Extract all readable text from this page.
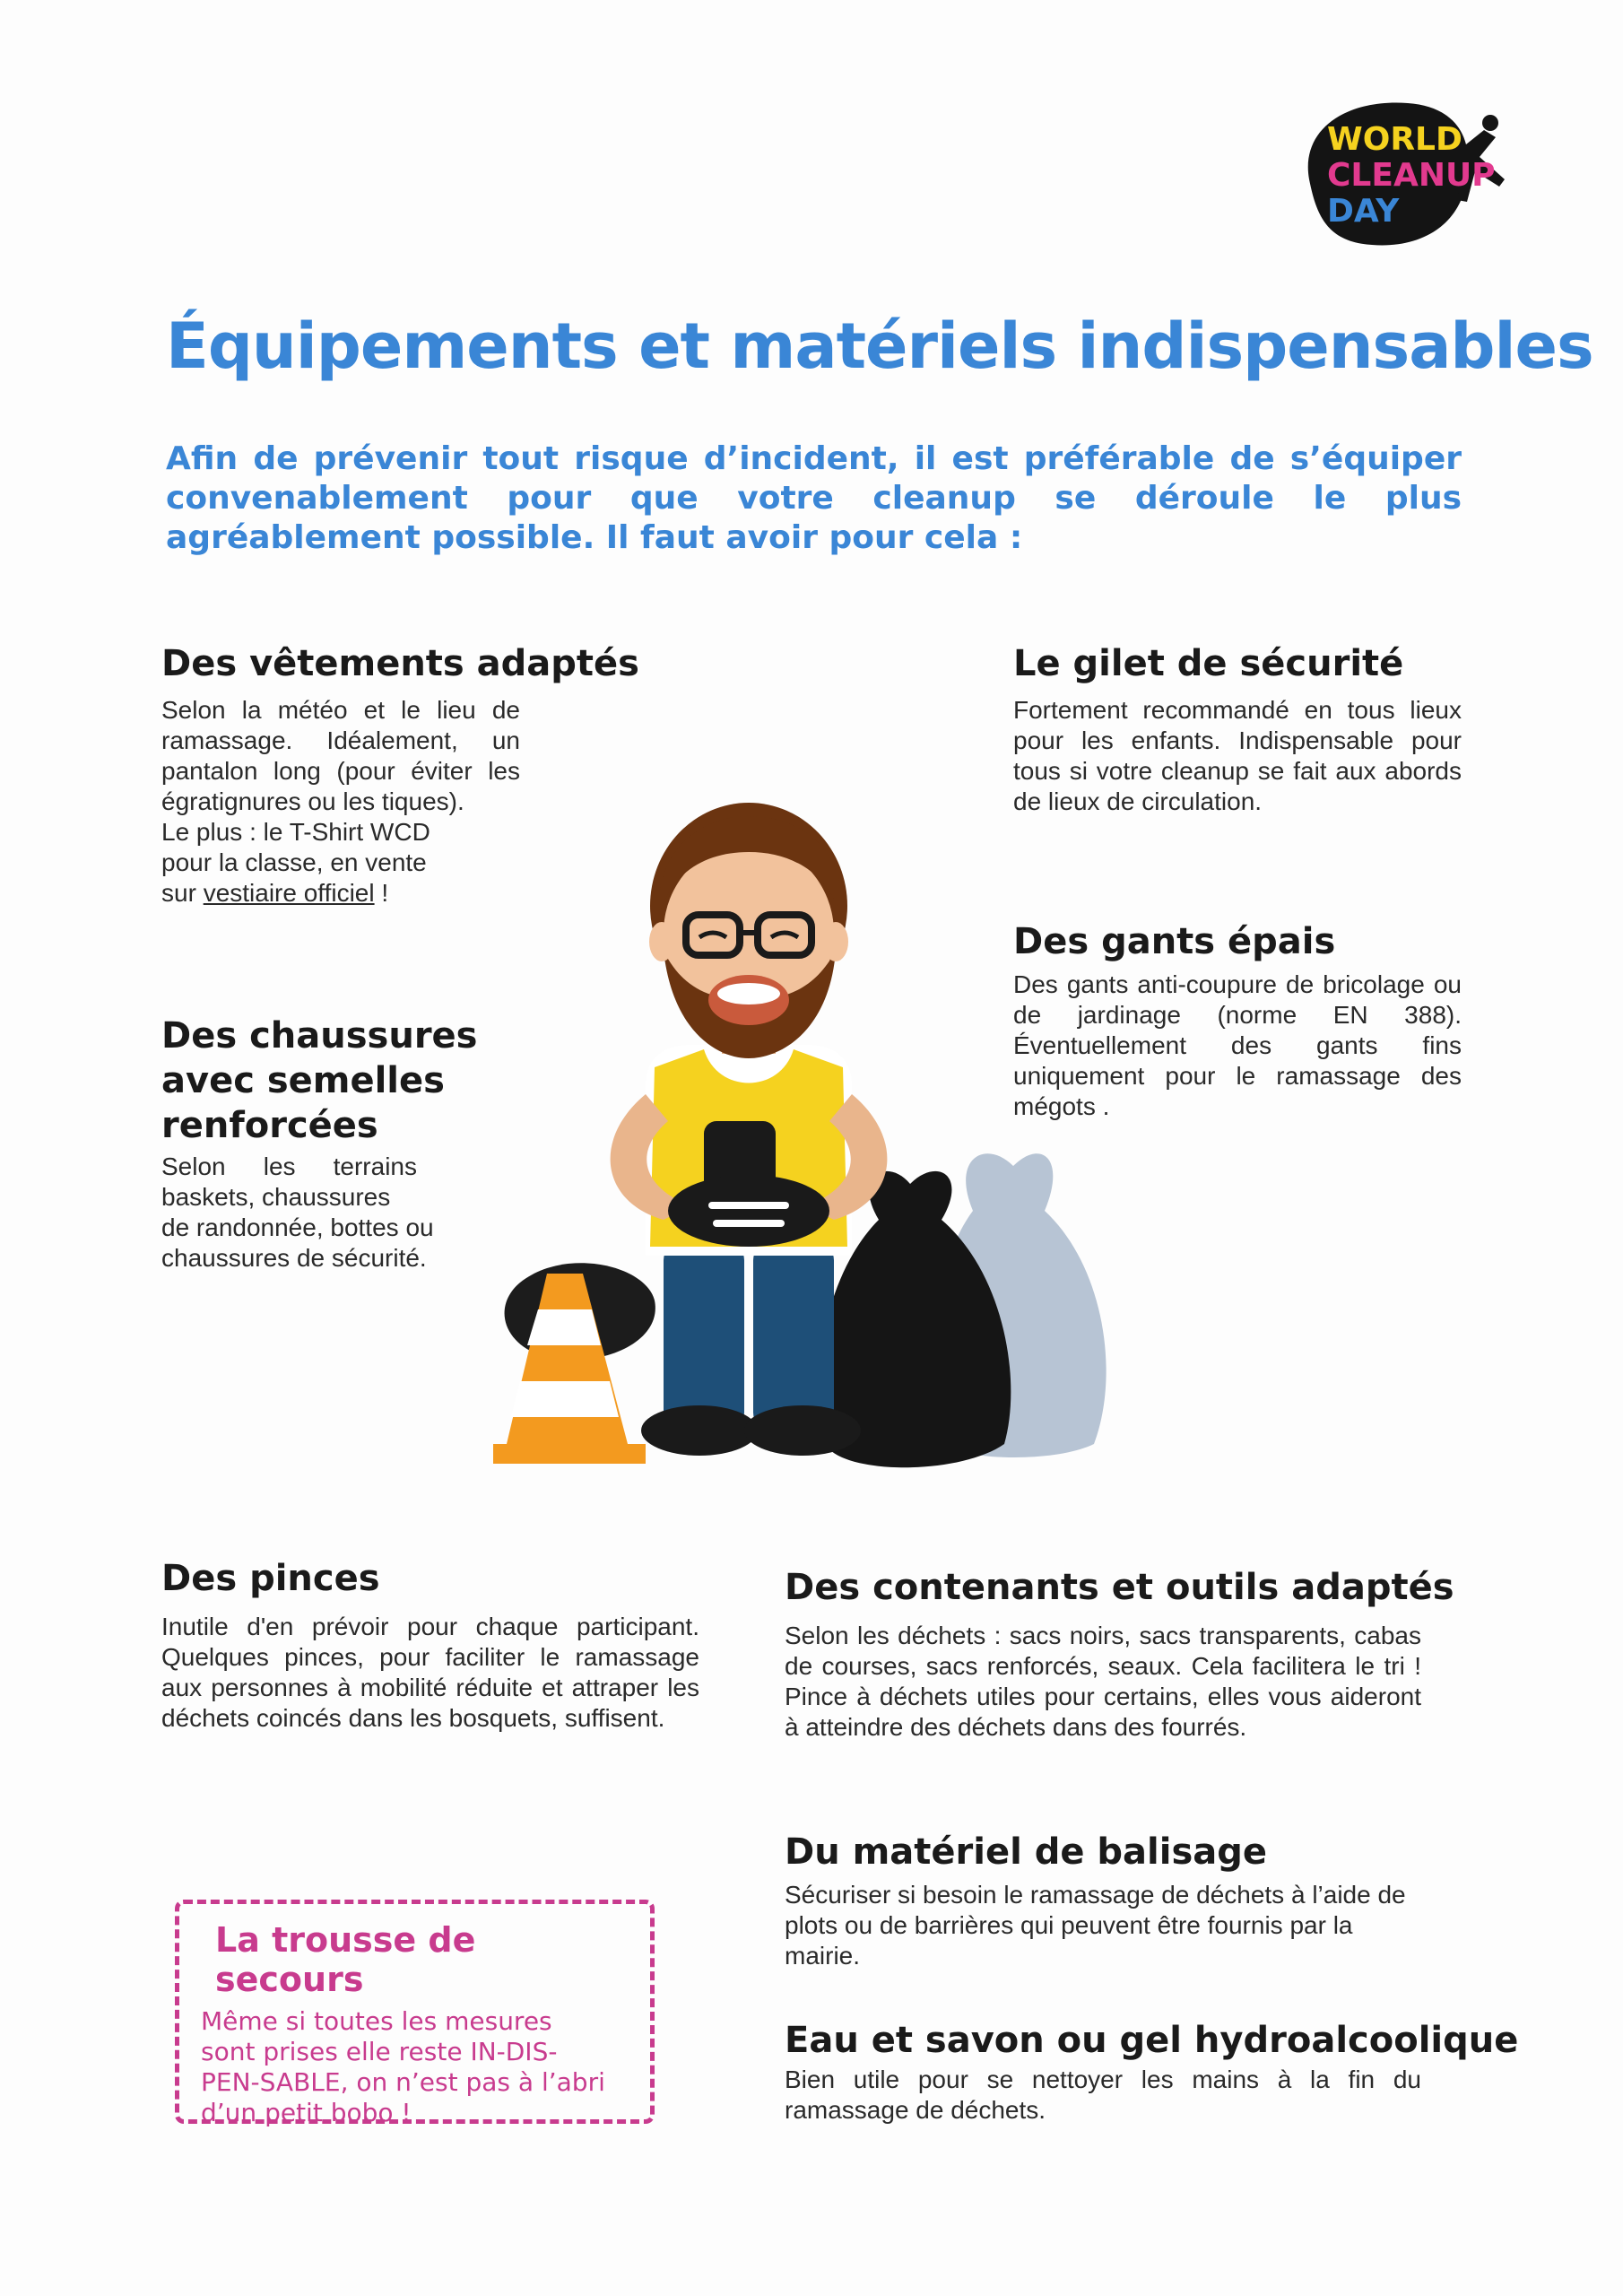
WORLD
CLEANUP
DAY
Équipements et matériels indispensables

Afin de prévenir tout risque d’incident, il est préférable de s’équiper convenablement pour que votre cleanup se déroule le plus agréablement possible. Il faut avoir pour cela :

Des vêtements adaptés

Selon la météo et le lieu de ramassage. Idéalement, un pantalon long (pour éviter les égratignures ou les tiques).

Le plus : le T-Shirt WCD

pour la classe, en vente

sur vestiaire officiel !

Le gilet de sécurité

Fortement recommandé en tous lieux pour les enfants. Indispensable pour tous si votre cleanup se fait aux abords de lieux de circulation.

Des gants épais

Des gants anti-coupure de bricolage ou de jardinage (norme EN 388). Éventuellement des gants fins uniquement pour le ramassage des mégots .

Des chaussures
avec semelles
renforcées

Selon les terrains

baskets, chaussures

de randonnée, bottes ou

chaussures de sécurité.

Des pinces

Inutile d'en prévoir pour chaque participant. Quelques pinces, pour faciliter le ramassage aux personnes à mobilité réduite et attraper les déchets coincés dans les bosquets, suffisent.

Des contenants et outils adaptés

Selon les déchets : sacs noirs, sacs transparents, cabas de courses, sacs renforcés, seaux. Cela facilitera le tri ! Pince à déchets utiles pour certains, elles vous aideront à atteindre des déchets dans des fourrés.

Du matériel de balisage

Sécuriser si besoin le ramassage de déchets à l’aide de plots ou de barrières qui peuvent être fournis par la mairie.

Eau et savon ou gel hydroalcoolique

Bien utile pour se nettoyer les mains à la fin du ramassage de déchets.

La trousse de secours

Même si toutes les mesures

sont prises elle reste IN-DIS-

PEN-SABLE, on n’est pas à l’abri

d’un petit bobo !
